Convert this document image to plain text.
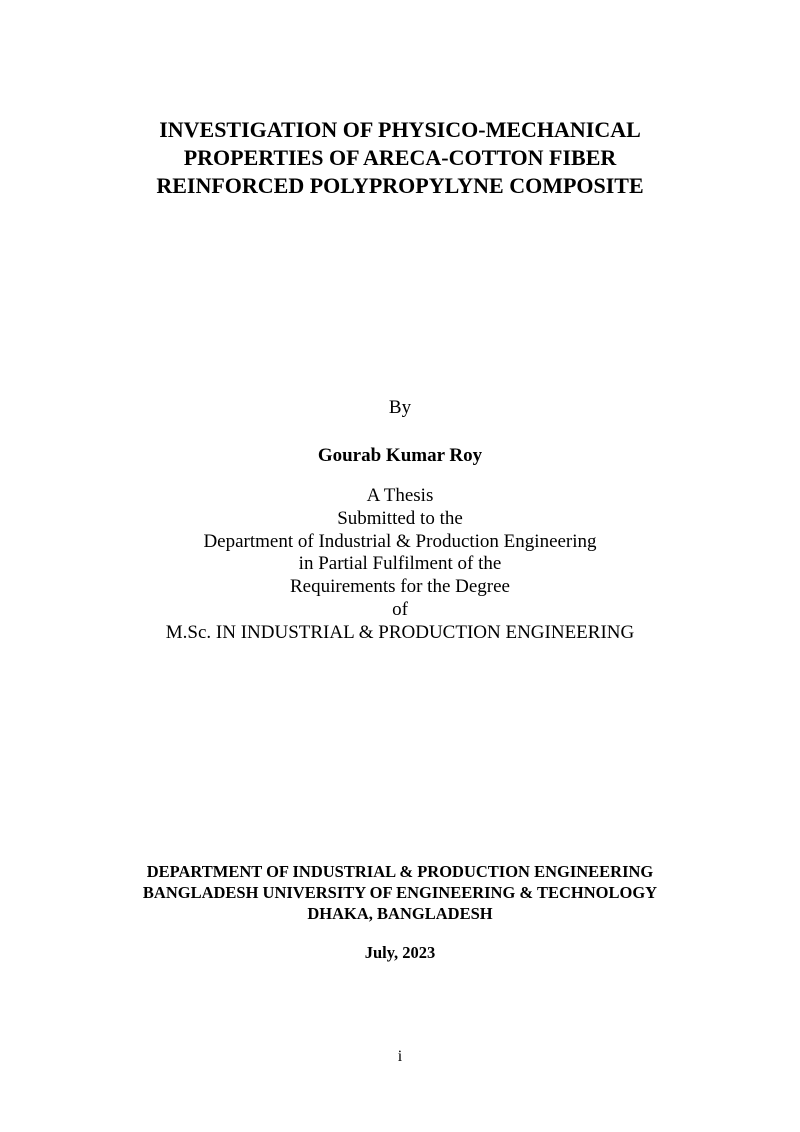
INVESTIGATION OF PHYSICO-MECHANICAL
PROPERTIES OF ARECA-COTTON FIBER
REINFORCED POLYPROPYLYNE COMPOSITE
By
Gourab Kumar Roy
A Thesis
Submitted to the
Department of Industrial & Production Engineering
in Partial Fulfilment of the
Requirements for the Degree
of
M.Sc. IN INDUSTRIAL & PRODUCTION ENGINEERING
DEPARTMENT OF INDUSTRIAL & PRODUCTION ENGINEERING
BANGLADESH UNIVERSITY OF ENGINEERING & TECHNOLOGY
DHAKA, BANGLADESH
July, 2023
i
